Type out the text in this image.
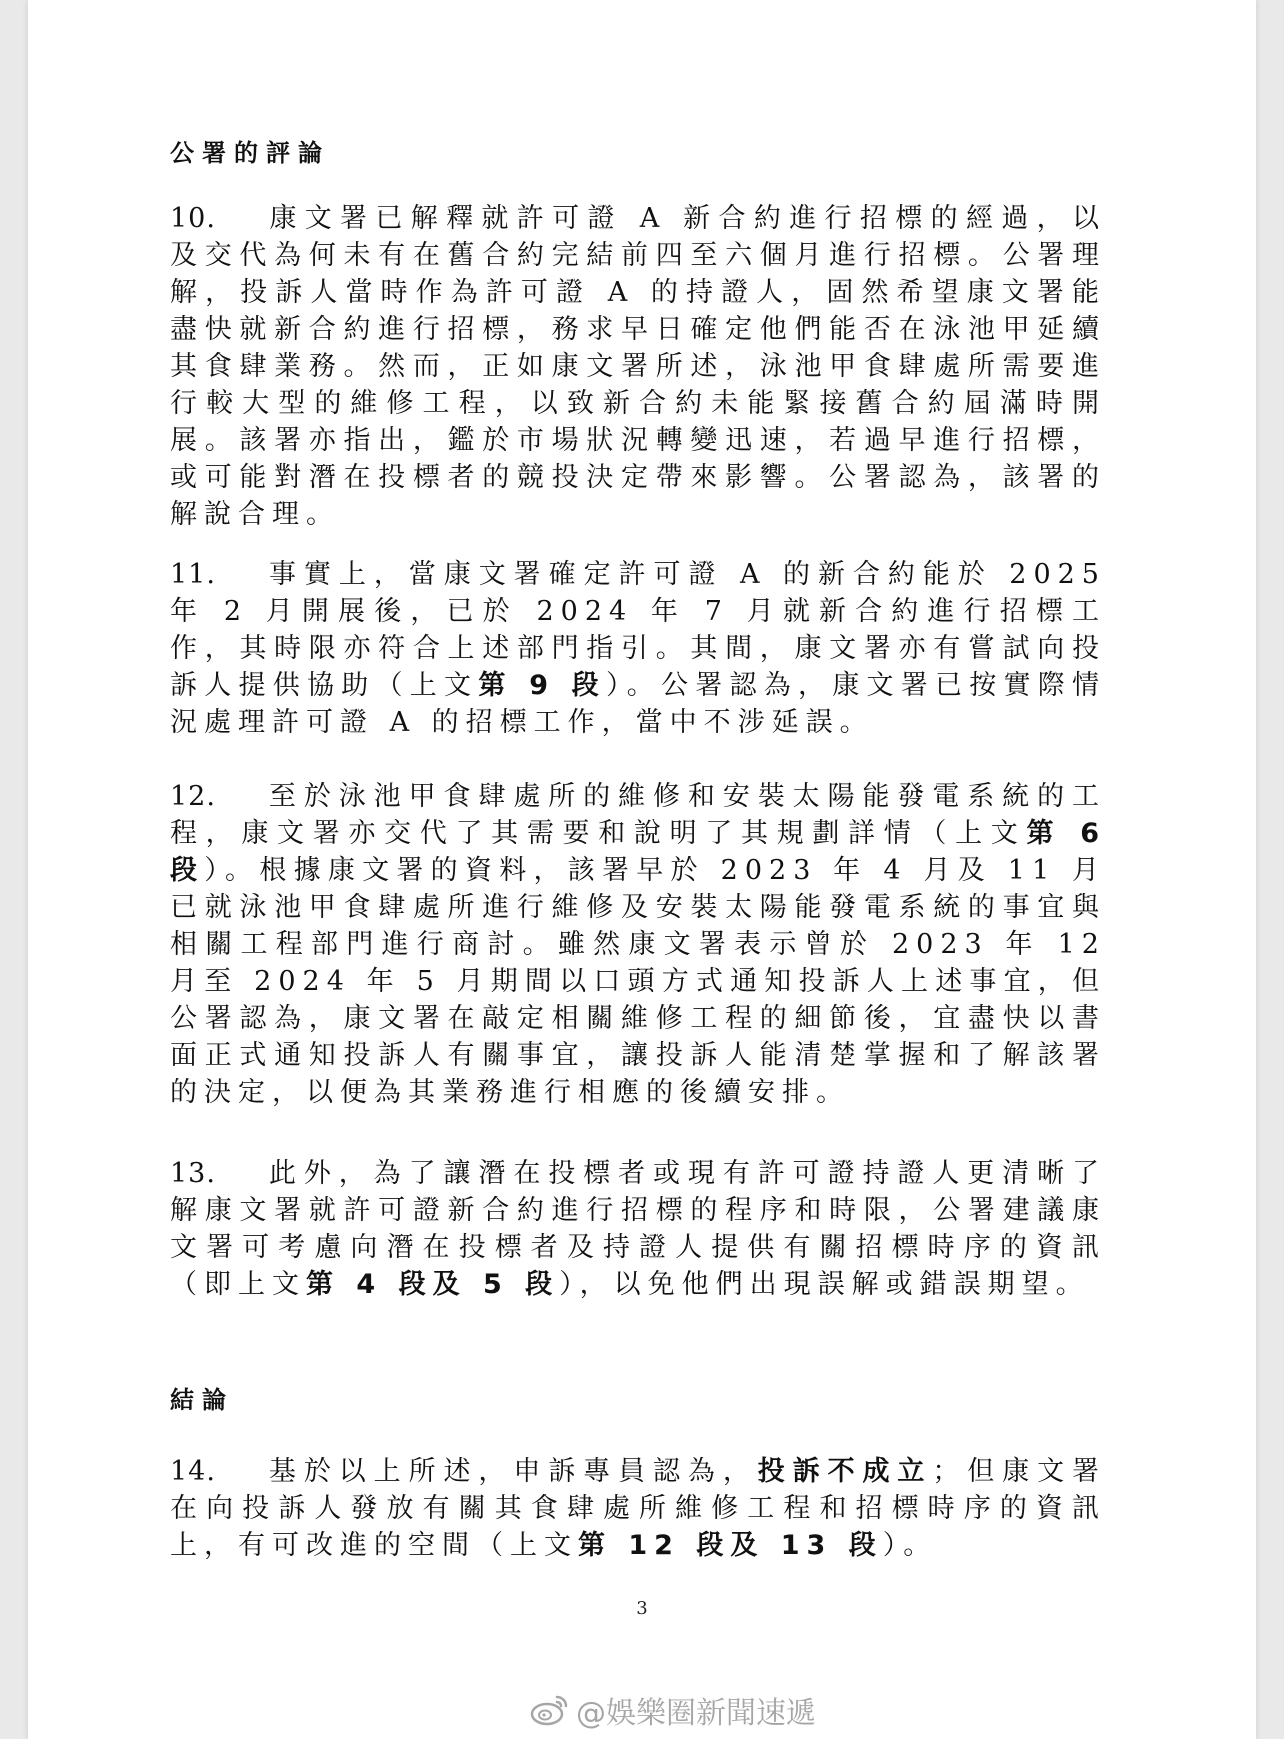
公署的評論
10. 康文署已解釋就許可證 A 新合約進行招標的經過，以及交代為何未有在舊合約完結前四至六個月進行招標。公署理解，投訴人當時作為許可證 A 的持證人，固然希望康文署能盡快就新合約進行招標，務求早日確定他們能否在泳池甲延續其食肆業務。然而，正如康文署所述，泳池甲食肆處所需要進行較大型的維修工程，以致新合約未能緊接舊合約屆滿時開展。該署亦指出，鑑於市場狀況轉變迅速，若過早進行招標，或可能對潛在投標者的競投決定帶來影響。公署認為，該署的解說合理。
11. 事實上，當康文署確定許可證 A 的新合約能於 2025 年 2 月開展後，已於 2024 年 7 月就新合約進行招標工作，其時限亦符合上述部門指引。其間，康文署亦有嘗試向投訴人提供協助（上文第 9 段）。公署認為，康文署已按實際情況處理許可證 A 的招標工作，當中不涉延誤。
12. 至於泳池甲食肆處所的維修和安裝太陽能發電系統的工程，康文署亦交代了其需要和說明了其規劃詳情（上文第 6 段）。根據康文署的資料，該署早於 2023 年 4 月及 11 月已就泳池甲食肆處所進行維修及安裝太陽能發電系統的事宜與相關工程部門進行商討。雖然康文署表示曾於 2023 年 12 月至 2024 年 5 月期間以口頭方式通知投訴人上述事宜，但公署認為，康文署在敲定相關維修工程的細節後，宜盡快以書面正式通知投訴人有關事宜，讓投訴人能清楚掌握和了解該署的決定，以便為其業務進行相應的後續安排。
13. 此外，為了讓潛在投標者或現有許可證持證人更清晰了解康文署就許可證新合約進行招標的程序和時限，公署建議康文署可考慮向潛在投標者及持證人提供有關招標時序的資訊（即上文第 4 段及 5 段），以免他們出現誤解或錯誤期望。
結論
14. 基於以上所述，申訴專員認為，投訴不成立；但康文署在向投訴人發放有關其食肆處所維修工程和招標時序的資訊上，有可改進的空間（上文第 12 段及 13 段）。
3
@娛樂圈新聞速遞
